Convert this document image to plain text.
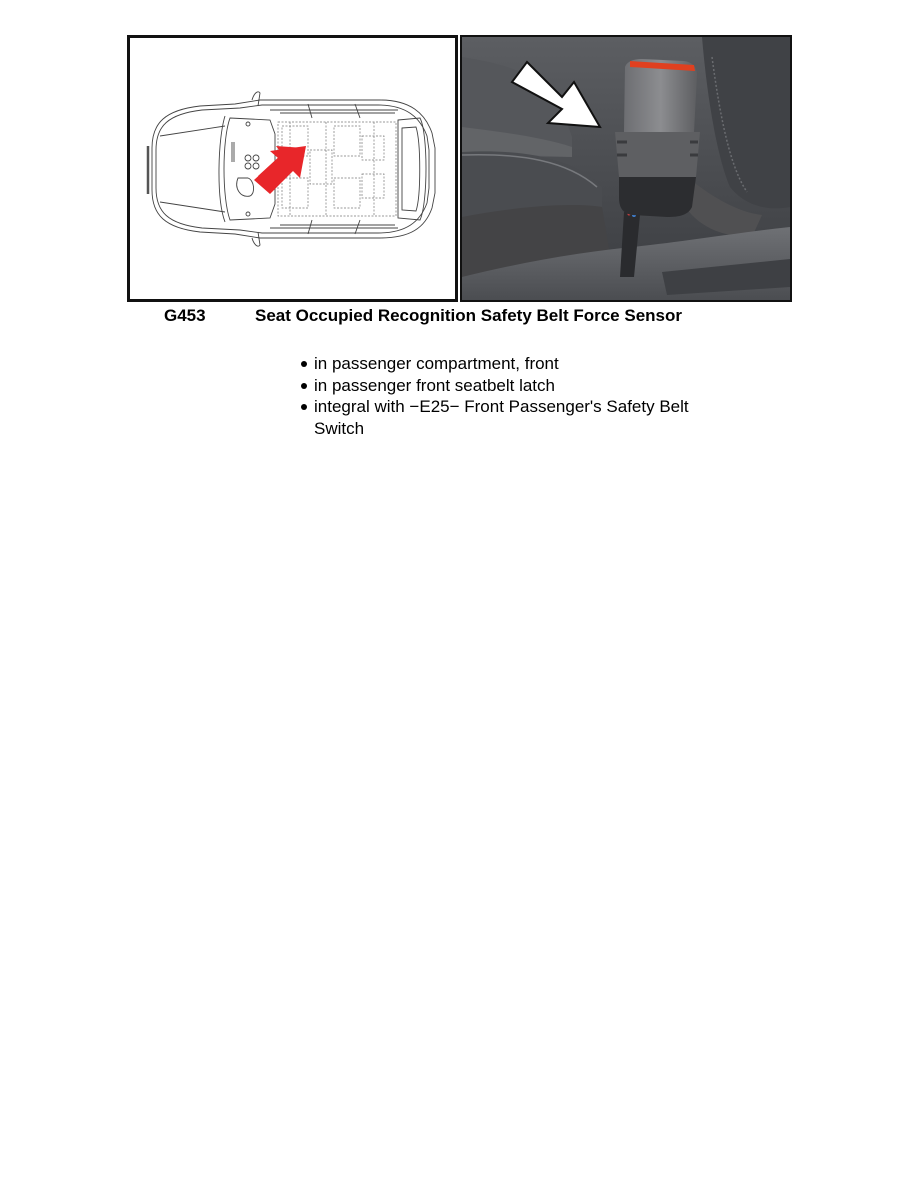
G453	Seat Occupied Recognition Safety Belt Force Sensor
in passenger compartment, front
in passenger front seatbelt latch
integral with −E25− Front Passenger's Safety Belt Switch
